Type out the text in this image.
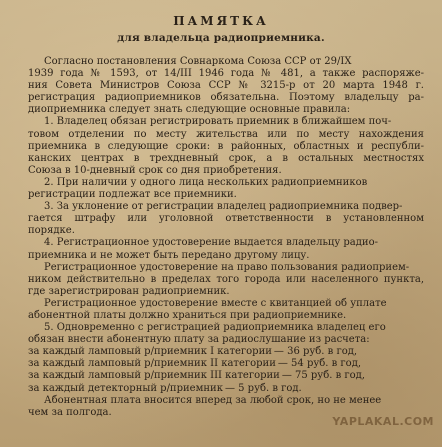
ПАМЯТКА
для владельца радиоприемника.
Согласно постановления Совнаркома Союза ССР от 29/IX
1939 года № 1593, от 14/III 1946 года № 481, а также распоряже-
ния Совета Министров Союза ССР № 3215-р от 20 марта 1948 г.
регистрация радиоприемников обязательна. Поэтому владельцу ра-
диоприемника следует знать следующие основные правила:
1. Владелец обязан регистрировать приемник в ближайшем поч-
товом отделении по месту жительства или по месту нахождения
приемника в следующие сроки: в районных, областных и республи-
канских центрах в трехдневный срок, а в остальных местностях
Союза в 10-дневный срок со дня приобретения.
2. При наличии у одного лица нескольких радиоприемников
регистрации подлежат все приемники.
3. За уклонение от регистрации владелец радиоприемника подвер-
гается штрафу или уголовной ответственности в установленном
порядке.
4. Регистрационное удостоверение выдается владельцу радио-
приемника и не может быть передано другому лицу.
Регистрационное удостоверение на право пользования радиоприем-
ником действительно в пределах того города или населенного пункта,
где зарегистрирован радиоприемник.
Регистрационное удостоверение вместе с квитанцией об уплате
абонентной платы должно храниться при радиоприемнике.
5. Одновременно с регистрацией радиоприемника владелец его
обязан внести абонентную плату за радиослушание из расчета:
за каждый ламповый р/приемник I категории — 36 руб. в год,
за каждый ламповый р/приемник II категории — 54 руб. в год,
за каждый ламповый р/приемник III категории — 75 руб. в год,
за каждый детекторный р/приемник — 5 руб. в год.
Абонентная плата вносится вперед за любой срок, но не менее
чем за полгода.
YAPLAKAL.COM
